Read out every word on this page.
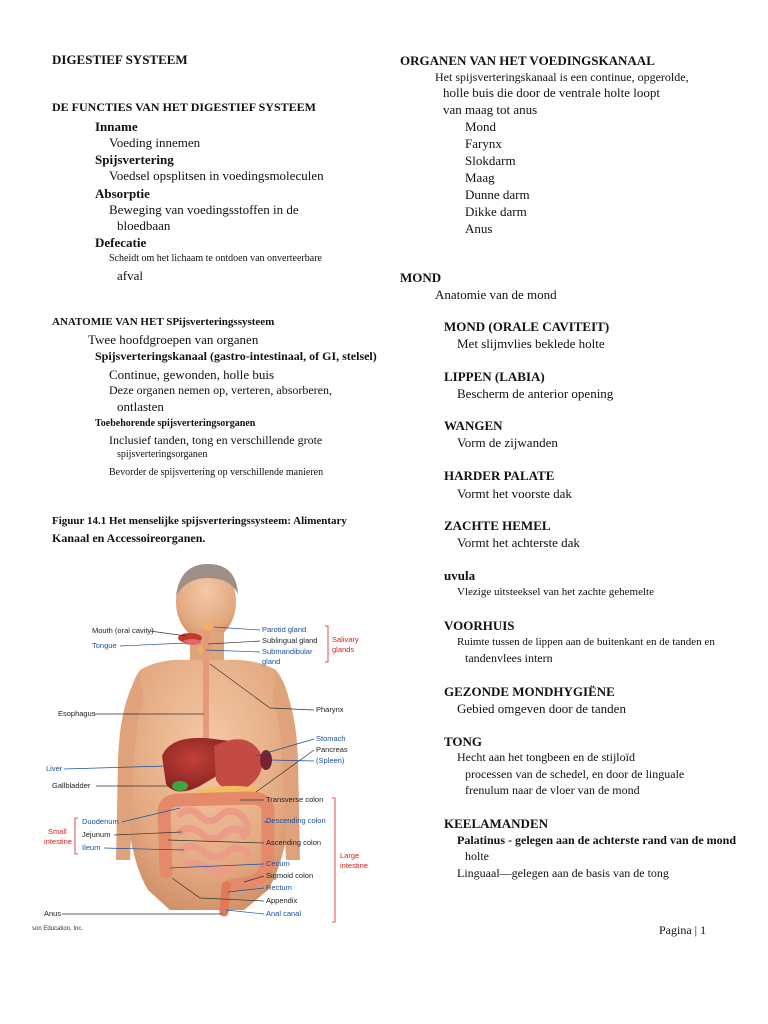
DIGESTIEF SYSTEEM
DE FUNCTIES VAN HET DIGESTIEF SYSTEEM
Inname
Voeding innemen
Spijsvertering
Voedsel opsplitsen in voedingsmoleculen
Absorptie
Beweging van voedingsstoffen in de
bloedbaan
Defecatie
Scheidt om het lichaam te ontdoen van onverteerbare
afval
ANATOMIE VAN HET SPijsverteringssysteem
Twee hoofdgroepen van organen
Spijsverteringskanaal (gastro-intestinaal, of GI, stelsel)
Continue, gewonden, holle buis
Deze organen nemen op, verteren, absorberen,
ontlasten
Toebehorende spijsverteringsorganen
Inclusief tanden, tong en verschillende grote
spijsverteringsorganen
Bevorder de spijsvertering op verschillende manieren
Figuur 14.1 Het menselijke spijsverteringssysteem: Alimentary
Kanaal en Accessoireorganen.
Mouth (oral cavity)
Tongue
Parotid gland
Sublingual gland
Submandibular
gland
Salivary
glands
Esophagus	Pharynx
Stomach
Pancreas
(Spleen)
Liver
Gallbladder
Transverse colon
Duodenum
Jejunum
Ileum
Small
intestine
Descending colon
Ascending colon
Cecum
Sigmoid colon
Rectum
Appendix
Anal canal
Large
intestine
Anus
son Education, Inc.
ORGANEN VAN HET VOEDINGSKANAAL
Het spijsverteringskanaal is een continue, opgerolde,
holle buis die door de ventrale holte loopt
van maag tot anus
Mond
Farynx
Slokdarm
Maag
Dunne darm
Dikke darm
Anus
MOND
Anatomie van de mond
MOND (ORALE CAVITEIT)
Met slijmvlies beklede holte
LIPPEN (LABIA)
Bescherm de anterior opening
WANGEN
Vorm de zijwanden
HARDER PALATE
Vormt het voorste dak
ZACHTE HEMEL
Vormt het achterste dak
uvula
Vlezige uitsteeksel van het zachte gehemelte
VOORHUIS
Ruimte tussen de lippen aan de buitenkant en de tanden en
tandenvlees intern
GEZONDE MONDHYGIËNE
Gebied omgeven door de tanden
TONG
Hecht aan het tongbeen en de stijloïd
processen van de schedel, en door de linguale
frenulum naar de vloer van de mond
KEELAMANDEN
Palatinus - gelegen aan de achterste rand van de mond
holte
Linguaal—gelegen aan de basis van de tong
Pagina | 1
